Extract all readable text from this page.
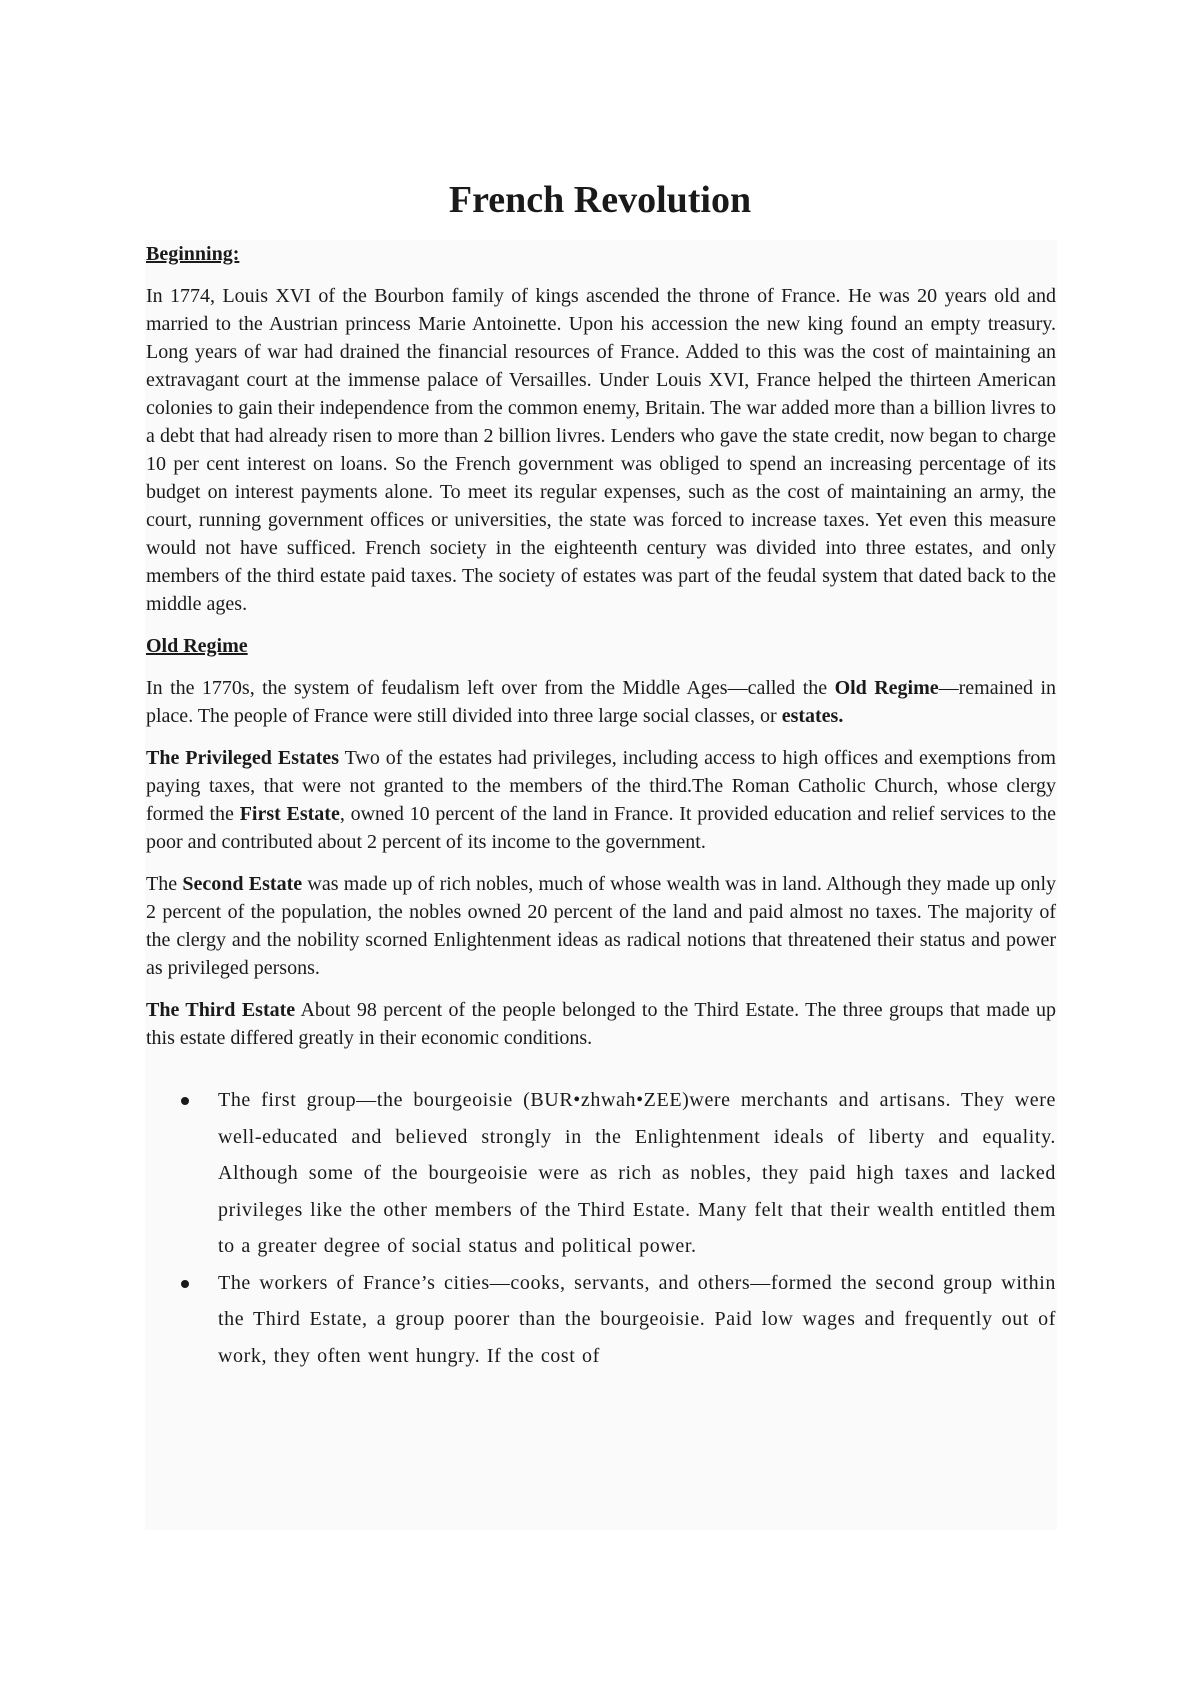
French Revolution
Beginning:

In 1774, Louis XVI of the Bourbon family of kings ascended the throne of France. He was 20 years old and married to the Austrian princess Marie Antoinette. Upon his accession the new king found an empty treasury. Long years of war had drained the financial resources of France. Added to this was the cost of maintaining an extravagant court at the immense palace of Versailles. Under Louis XVI, France helped the thirteen American colonies to gain their independence from the common enemy, Britain. The war added more than a billion livres to a debt that had already risen to more than 2 billion livres. Lenders who gave the state credit, now began to charge 10 per cent interest on loans. So the French government was obliged to spend an increasing percentage of its budget on interest payments alone. To meet its regular expenses, such as the cost of maintaining an army, the court, running government offices or universities, the state was forced to increase taxes. Yet even this measure would not have sufficed. French society in the eighteenth century was divided into three estates, and only members of the third estate paid taxes. The society of estates was part of the feudal system that dated back to the middle ages.

Old Regime

In the 1770s, the system of feudalism left over from the Middle Ages—called the Old Regime—remained in place. The people of France were still divided into three large social classes, or estates.

The Privileged Estates Two of the estates had privileges, including access to high offices and exemptions from paying taxes, that were not granted to the members of the third.The Roman Catholic Church, whose clergy formed the First Estate, owned 10 percent of the land in France. It provided education and relief services to the poor and contributed about 2 percent of its income to the government.

The Second Estate was made up of rich nobles, much of whose wealth was in land. Although they made up only 2 percent of the population, the nobles owned 20 percent of the land and paid almost no taxes. The majority of the clergy and the nobility scorned Enlightenment ideas as radical notions that threatened their status and power as privileged persons.

The Third Estate About 98 percent of the people belonged to the Third Estate. The three groups that made up this estate differed greatly in their economic conditions.

The first group—the bourgeoisie (BUR•zhwah•ZEE)were merchants and artisans. They were well-educated and believed strongly in the Enlightenment ideals of liberty and equality. Although some of the bourgeoisie were as rich as nobles, they paid high taxes and lacked privileges like the other members of the Third Estate. Many felt that their wealth entitled them to a greater degree of social status and political power.
The workers of France’s cities—cooks, servants, and others—formed the second group within the Third Estate, a group poorer than the bourgeoisie. Paid low wages and frequently out of work, they often went hungry. If the cost of
